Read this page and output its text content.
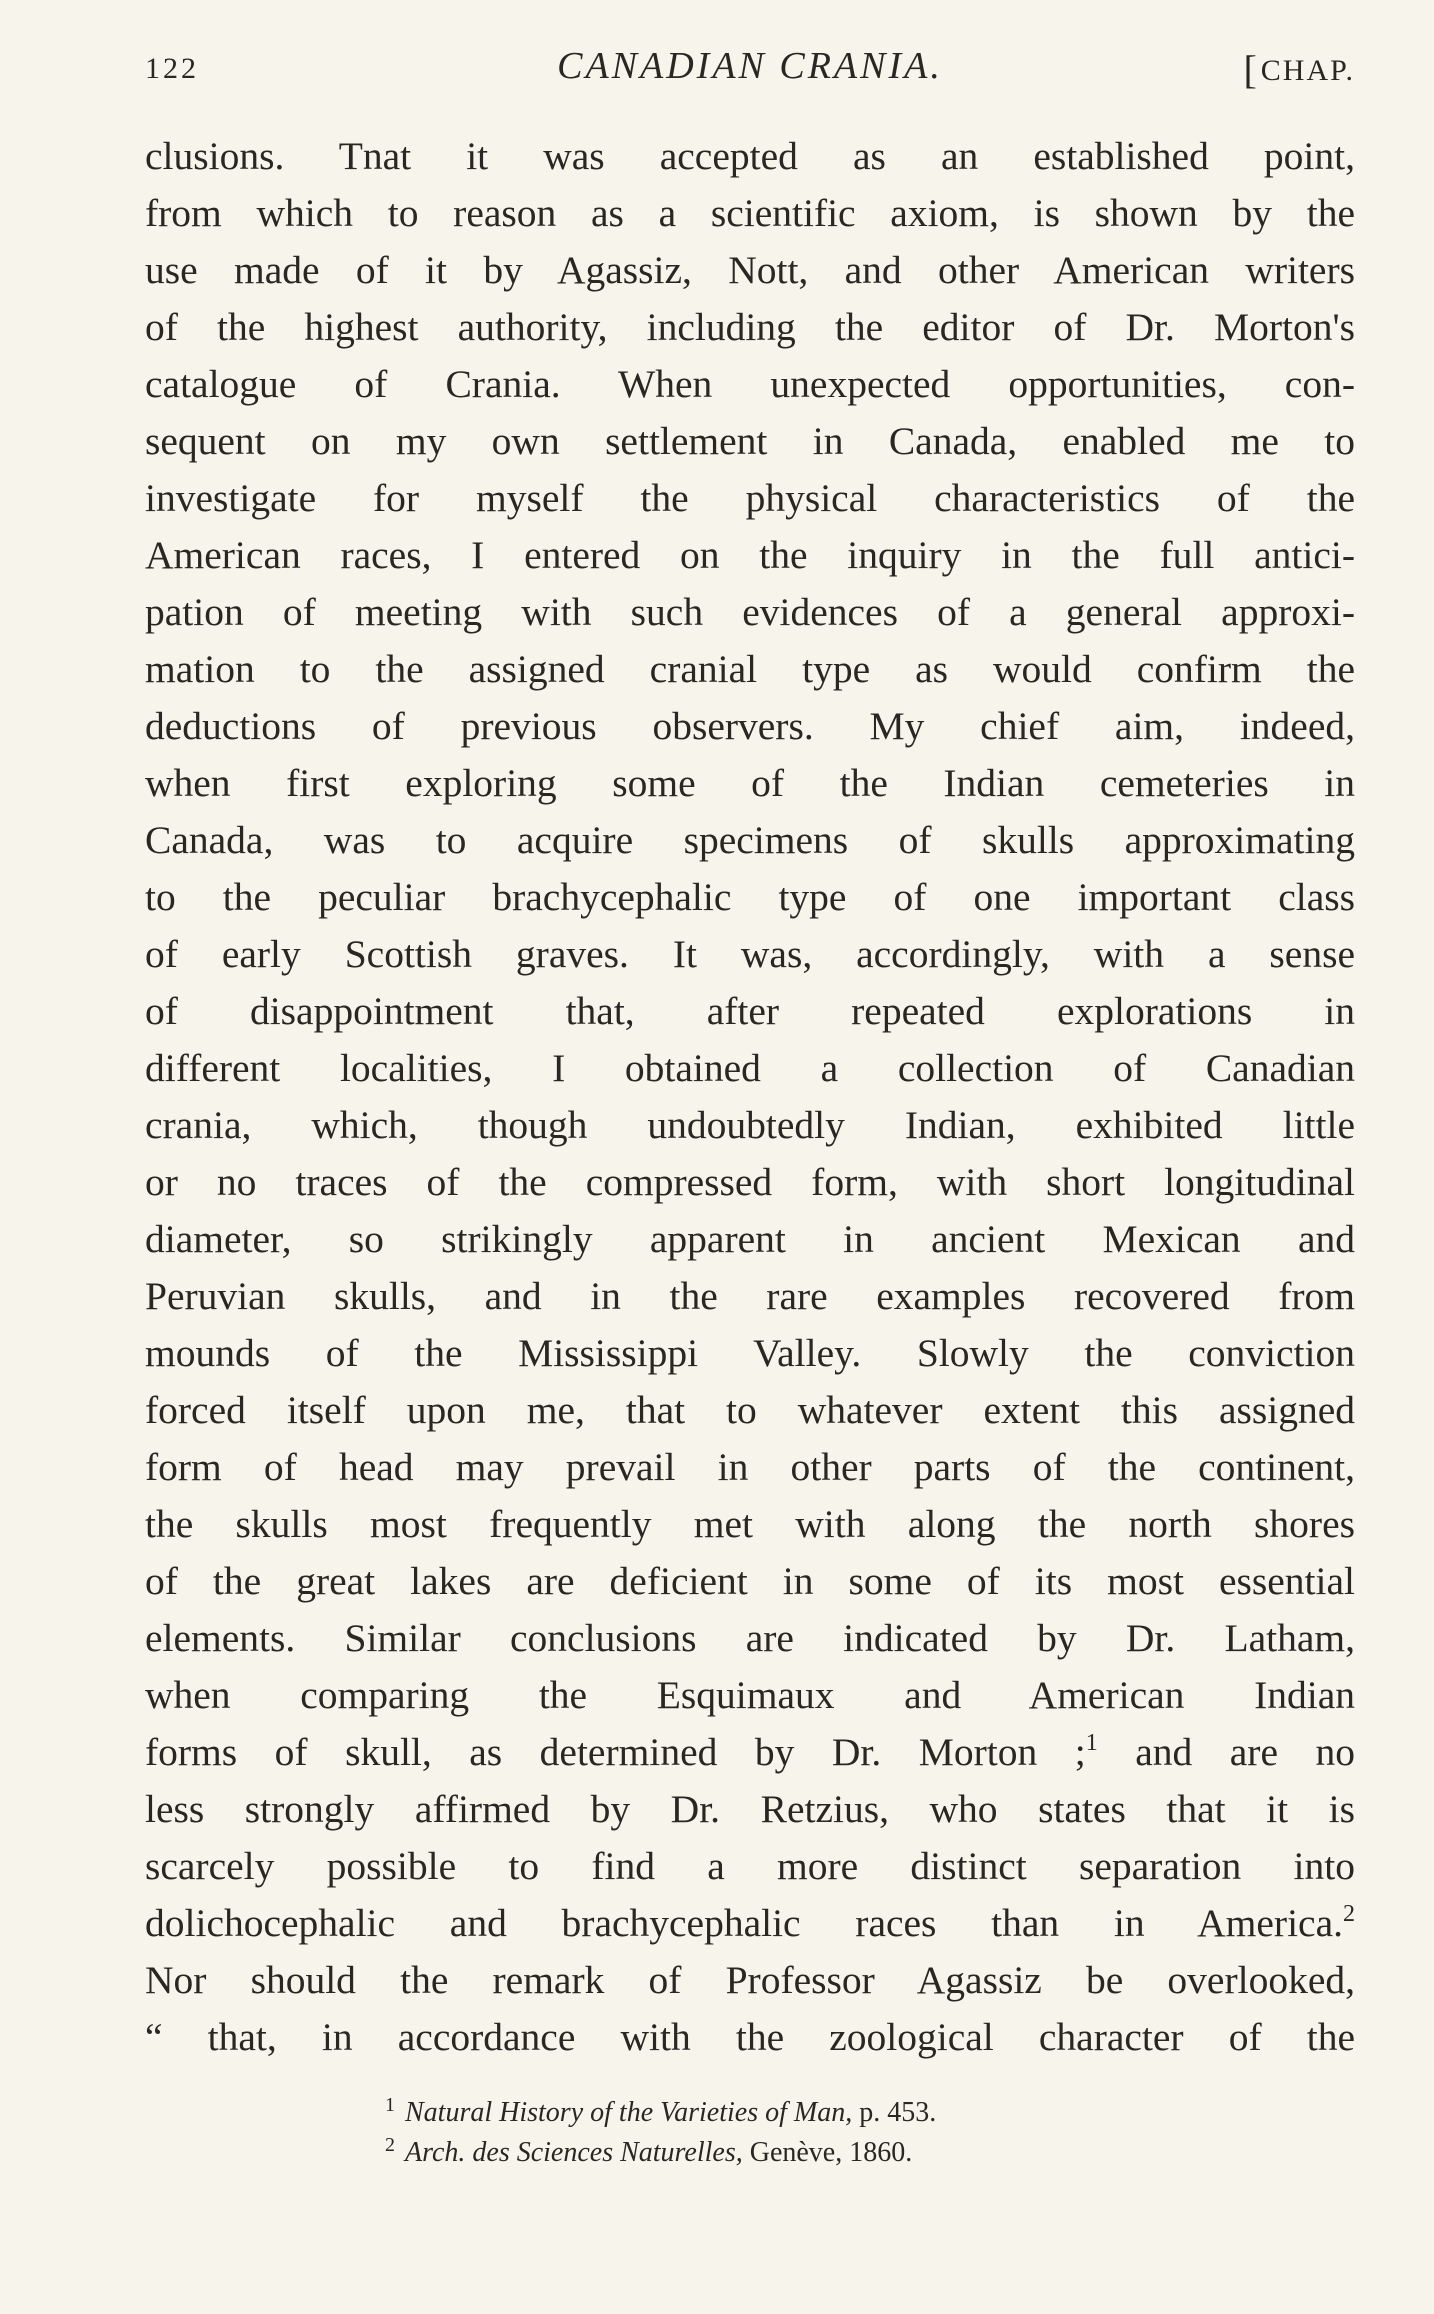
122	CANADIAN CRANIA.	[CHAP.
clusions. Tnat it was accepted as an established point,
from which to reason as a scientific axiom, is shown by the
use made of it by Agassiz, Nott, and other American writers
of the highest authority, including the editor of Dr. Morton's
catalogue of Crania. When unexpected opportunities, con-
sequent on my own settlement in Canada, enabled me to
investigate for myself the physical characteristics of the
American races, I entered on the inquiry in the full antici-
pation of meeting with such evidences of a general approxi-
mation to the assigned cranial type as would confirm the
deductions of previous observers. My chief aim, indeed,
when first exploring some of the Indian cemeteries in
Canada, was to acquire specimens of skulls approximating
to the peculiar brachycephalic type of one important class
of early Scottish graves. It was, accordingly, with a sense
of disappointment that, after repeated explorations in
different localities, I obtained a collection of Canadian
crania, which, though undoubtedly Indian, exhibited little
or no traces of the compressed form, with short longitudinal
diameter, so strikingly apparent in ancient Mexican and
Peruvian skulls, and in the rare examples recovered from
mounds of the Mississippi Valley. Slowly the conviction
forced itself upon me, that to whatever extent this assigned
form of head may prevail in other parts of the continent,
the skulls most frequently met with along the north shores
of the great lakes are deficient in some of its most essential
elements. Similar conclusions are indicated by Dr. Latham,
when comparing the Esquimaux and American Indian
forms of skull, as determined by Dr. Morton ;$^1$ and are no
less strongly affirmed by Dr. Retzius, who states that it is
scarcely possible to find a more distinct separation into
dolichocephalic and brachycephalic races than in America.$^2$
Nor should the remark of Professor Agassiz be overlooked,
“ that, in accordance with the zoological character of the
$^1$ Natural History of the Varieties of Man, p. 453.
$^2$ Arch. des Sciences Naturelles, Genève, 1860.
